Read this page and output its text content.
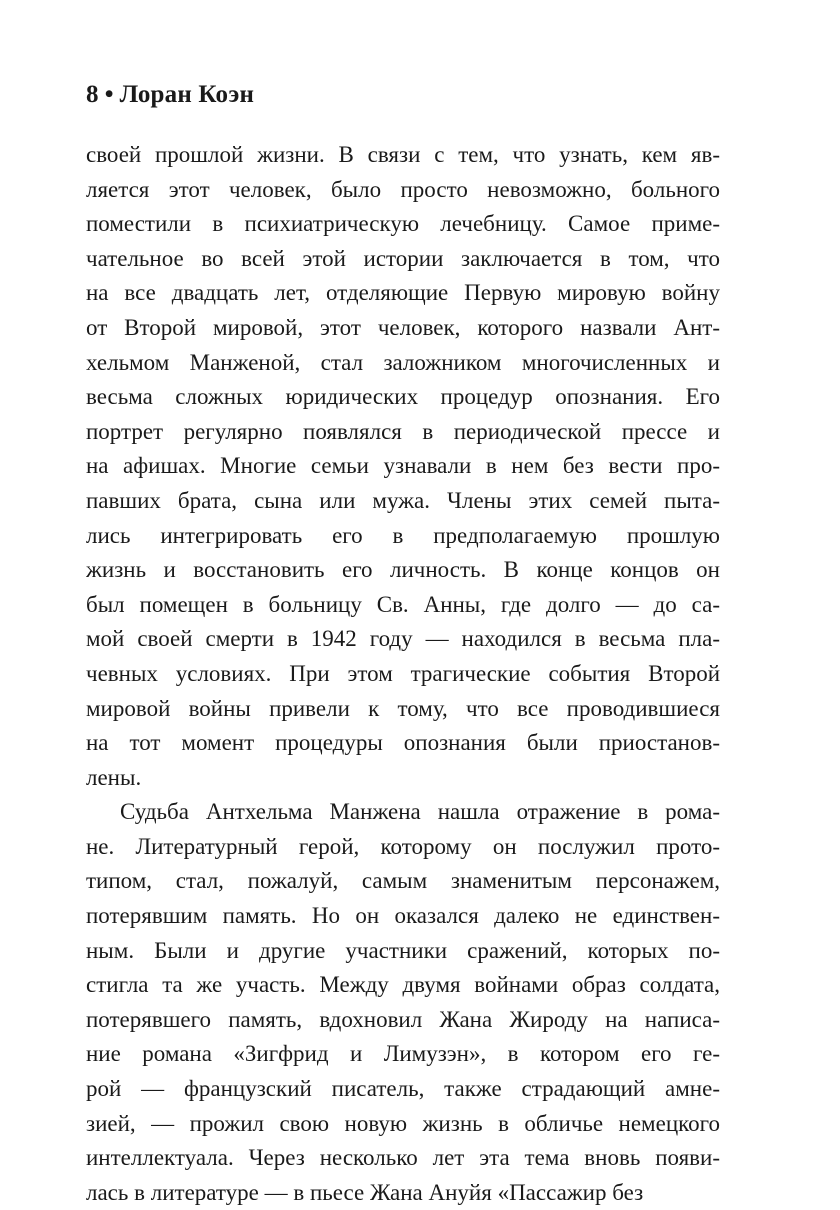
8 • Лоран Коэн
своей прошлой жизни. В связи с тем, что узнать, кем яв-
ляется этот человек, было просто невозможно, больного
поместили в психиатрическую лечебницу. Самое приме-
чательное во всей этой истории заключается в том, что
на все двадцать лет, отделяющие Первую мировую войну
от Второй мировой, этот человек, которого назвали Ант-
хельмом Манженой, стал заложником многочисленных и
весьма сложных юридических процедур опознания. Его
портрет регулярно появлялся в периодической прессе и
на афишах. Многие семьи узнавали в нем без вести про-
павших брата, сына или мужа. Члены этих семей пыта-
лись интегрировать его в предполагаемую прошлую
жизнь и восстановить его личность. В конце концов он
был помещен в больницу Св. Анны, где долго — до са-
мой своей смерти в 1942 году — находился в весьма пла-
чевных условиях. При этом трагические события Второй
мировой войны привели к тому, что все проводившиеся
на тот момент процедуры опознания были приостанов-
лены.
Судьба Антхельма Манжена нашла отражение в рома-
не. Литературный герой, которому он послужил прото-
типом, стал, пожалуй, самым знаменитым персонажем,
потерявшим память. Но он оказался далеко не единствен-
ным. Были и другие участники сражений, которых по-
стигла та же участь. Между двумя войнами образ солдата,
потерявшего память, вдохновил Жана Жироду на написа-
ние романа «Зигфрид и Лимузэн», в котором его ге-
рой — французский писатель, также страдающий амне-
зией, — прожил свою новую жизнь в обличье немецкого
интеллектуала. Через несколько лет эта тема вновь появи-
лась в литературе — в пьесе Жана Ануйя «Пассажир без
